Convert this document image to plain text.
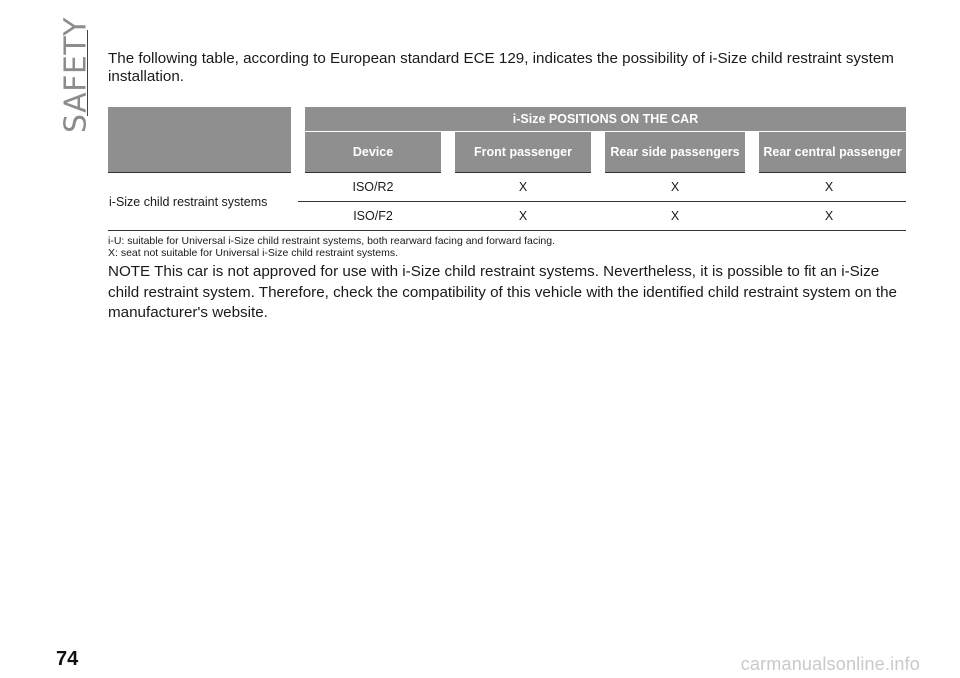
SAFETY The following table, according to European standard ECE 129, indicates the possibility of i-Size child restraint system installation.

	i-Size POSITIONS ON THE CAR			
	Device	Front passenger	Rear side passengers	Rear central passenger
i-Size child restraint systems	ISO/R2	X	X	X
	ISO/F2	X	X	X
i-U: suitable for Universal i-Size child restraint systems, both rearward facing and forward facing.
X: seat not suitable for Universal i-Size child restraint systems.

NOTE This car is not approved for use with i-Size child restraint systems. Nevertheless, it is possible to fit an i-Size child restraint system. Therefore, check the compatibility of this vehicle with the identified child restraint system on the manufacturer's website.

74	carmanualsonline.info
